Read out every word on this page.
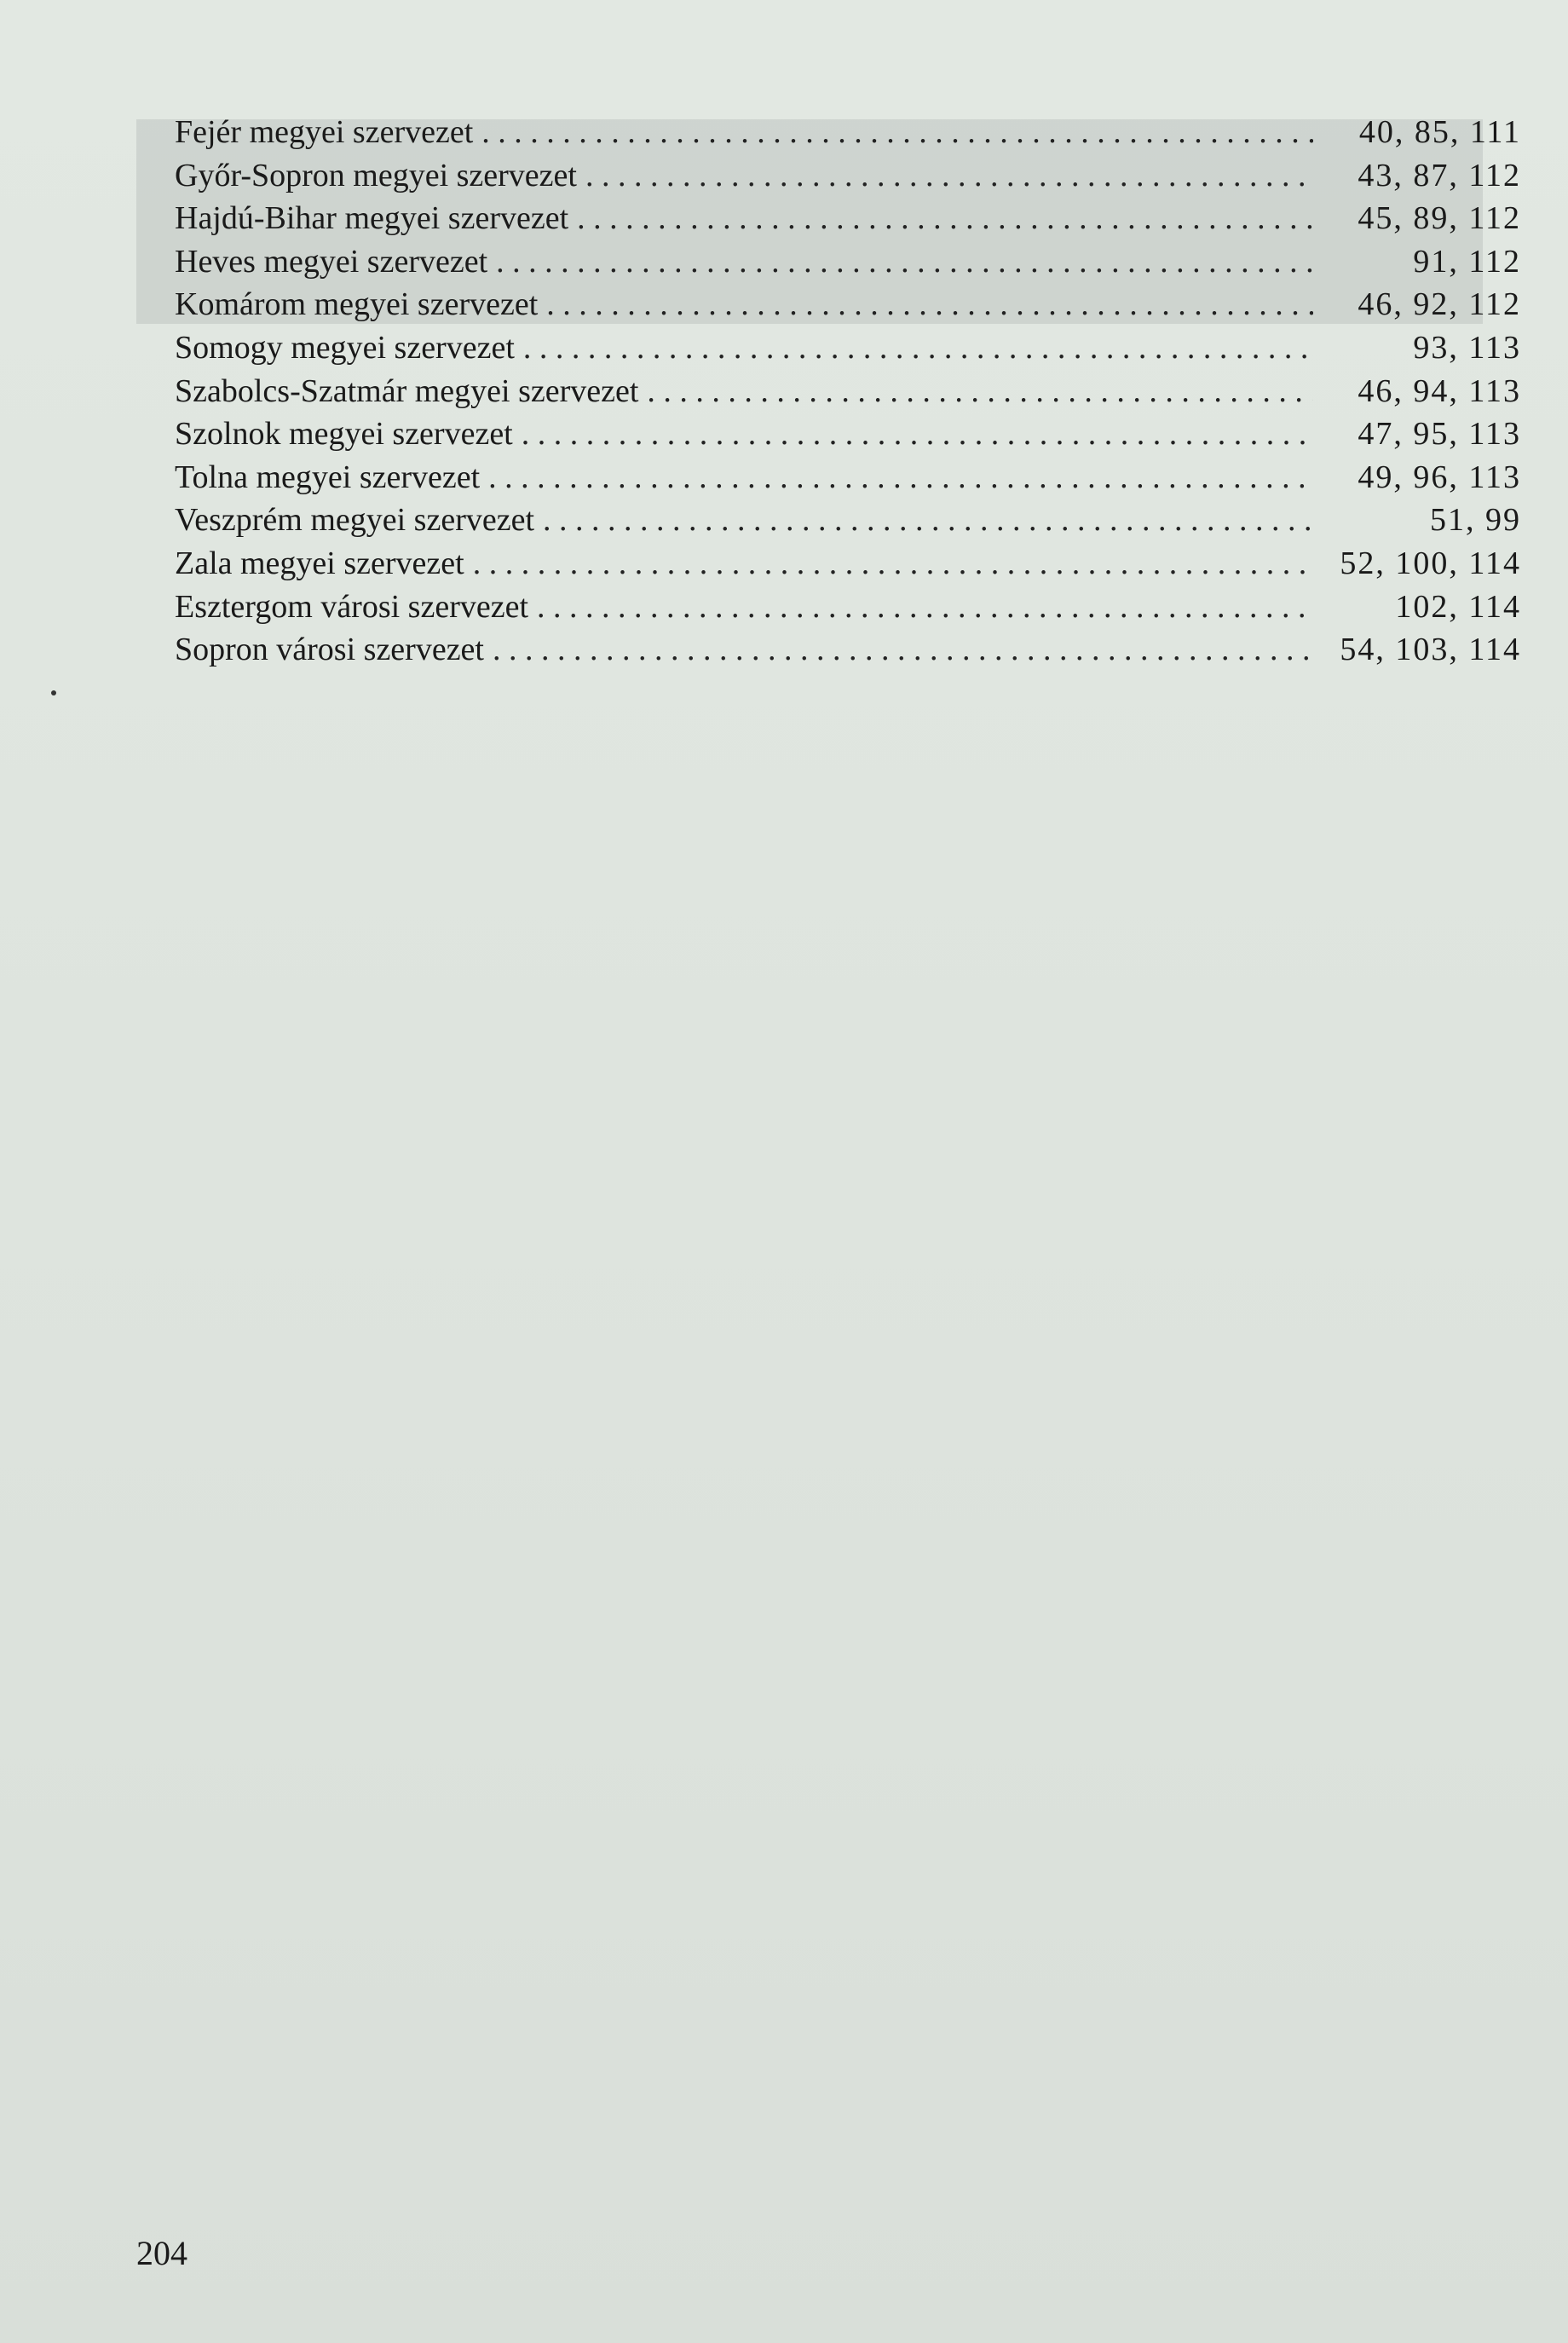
Fejér megyei szervezet . . .	40, 85, 111
Győr-Sopron megyei szervezet . . .	43, 87, 112
Hajdú-Bihar megyei szervezet . . .	45, 89, 112
Heves megyei szervezet . . .	91, 112
Komárom megyei szervezet . . .	46, 92, 112
Somogy megyei szervezet . . .	93, 113
Szabolcs-Szatmár megyei szervezet . . .	46, 94, 113
Szolnok megyei szervezet . . .	47, 95, 113
Tolna megyei szervezet . . .	49, 96, 113
Veszprém megyei szervezet . . .	51, 99
Zala megyei szervezet . . .	52, 100, 114
Esztergom városi szervezet . . .	102, 114
Sopron városi szervezet . . .	54, 103, 114
204
